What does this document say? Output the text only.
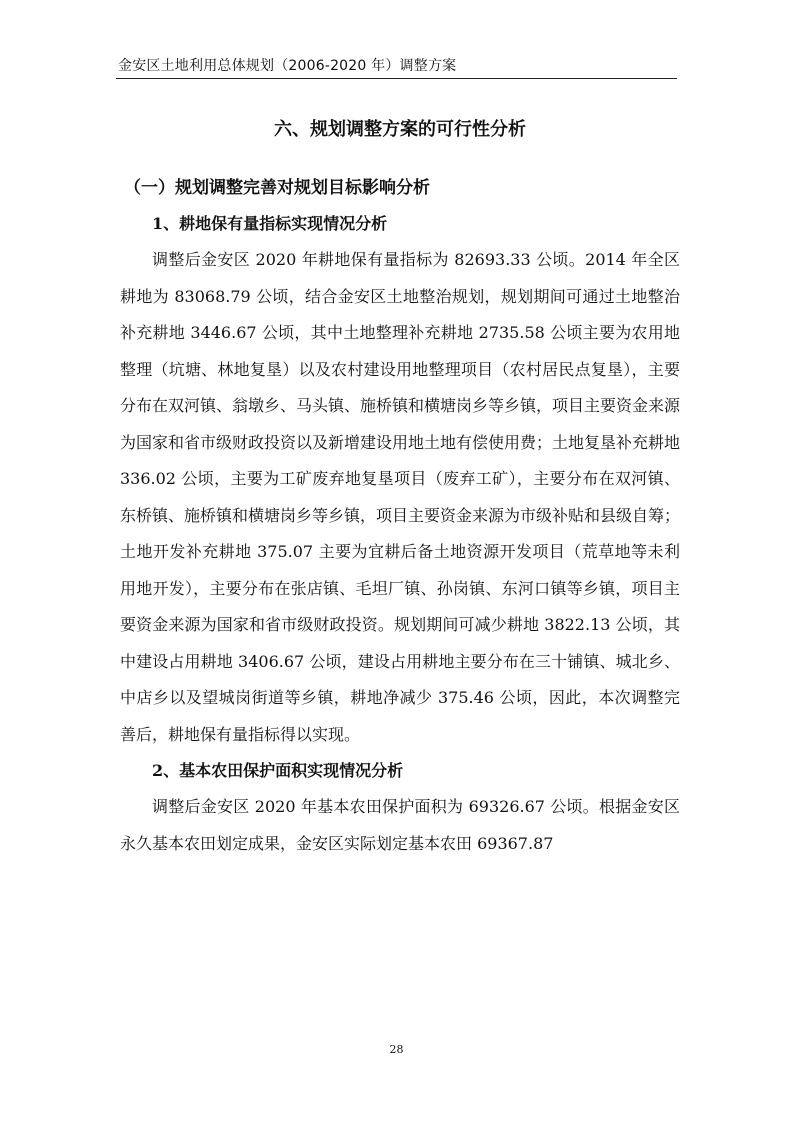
金安区土地利用总体规划（2006-2020 年）调整方案
六、规划调整方案的可行性分析
（一）规划调整完善对规划目标影响分析
1、耕地保有量指标实现情况分析

调整后金安区 2020 年耕地保有量指标为 82693.33 公顷。2014 年全区耕地为 83068.79 公顷，结合金安区土地整治规划，规划期间可通过土地整治补充耕地 3446.67 公顷，其中土地整理补充耕地 2735.58 公顷主要为农用地整理（坑塘、林地复垦）以及农村建设用地整理项目（农村居民点复垦），主要分布在双河镇、翁墩乡、马头镇、施桥镇和横塘岗乡等乡镇，项目主要资金来源为国家和省市级财政投资以及新增建设用地土地有偿使用费；土地复垦补充耕地 336.02 公顷，主要为工矿废弃地复垦项目（废弃工矿），主要分布在双河镇、东桥镇、施桥镇和横塘岗乡等乡镇，项目主要资金来源为市级补贴和县级自筹；土地开发补充耕地 375.07 主要为宜耕后备土地资源开发项目（荒草地等未利用地开发），主要分布在张店镇、毛坦厂镇、孙岗镇、东河口镇等乡镇，项目主要资金来源为国家和省市级财政投资。规划期间可减少耕地 3822.13 公顷，其中建设占用耕地 3406.67 公顷，建设占用耕地主要分布在三十铺镇、城北乡、中店乡以及望城岗街道等乡镇，耕地净减少 375.46 公顷，因此，本次调整完善后，耕地保有量指标得以实现。

2、基本农田保护面积实现情况分析

调整后金安区 2020 年基本农田保护面积为 69326.67 公顷。根据金安区永久基本农田划定成果，金安区实际划定基本农田 69367.87

28
